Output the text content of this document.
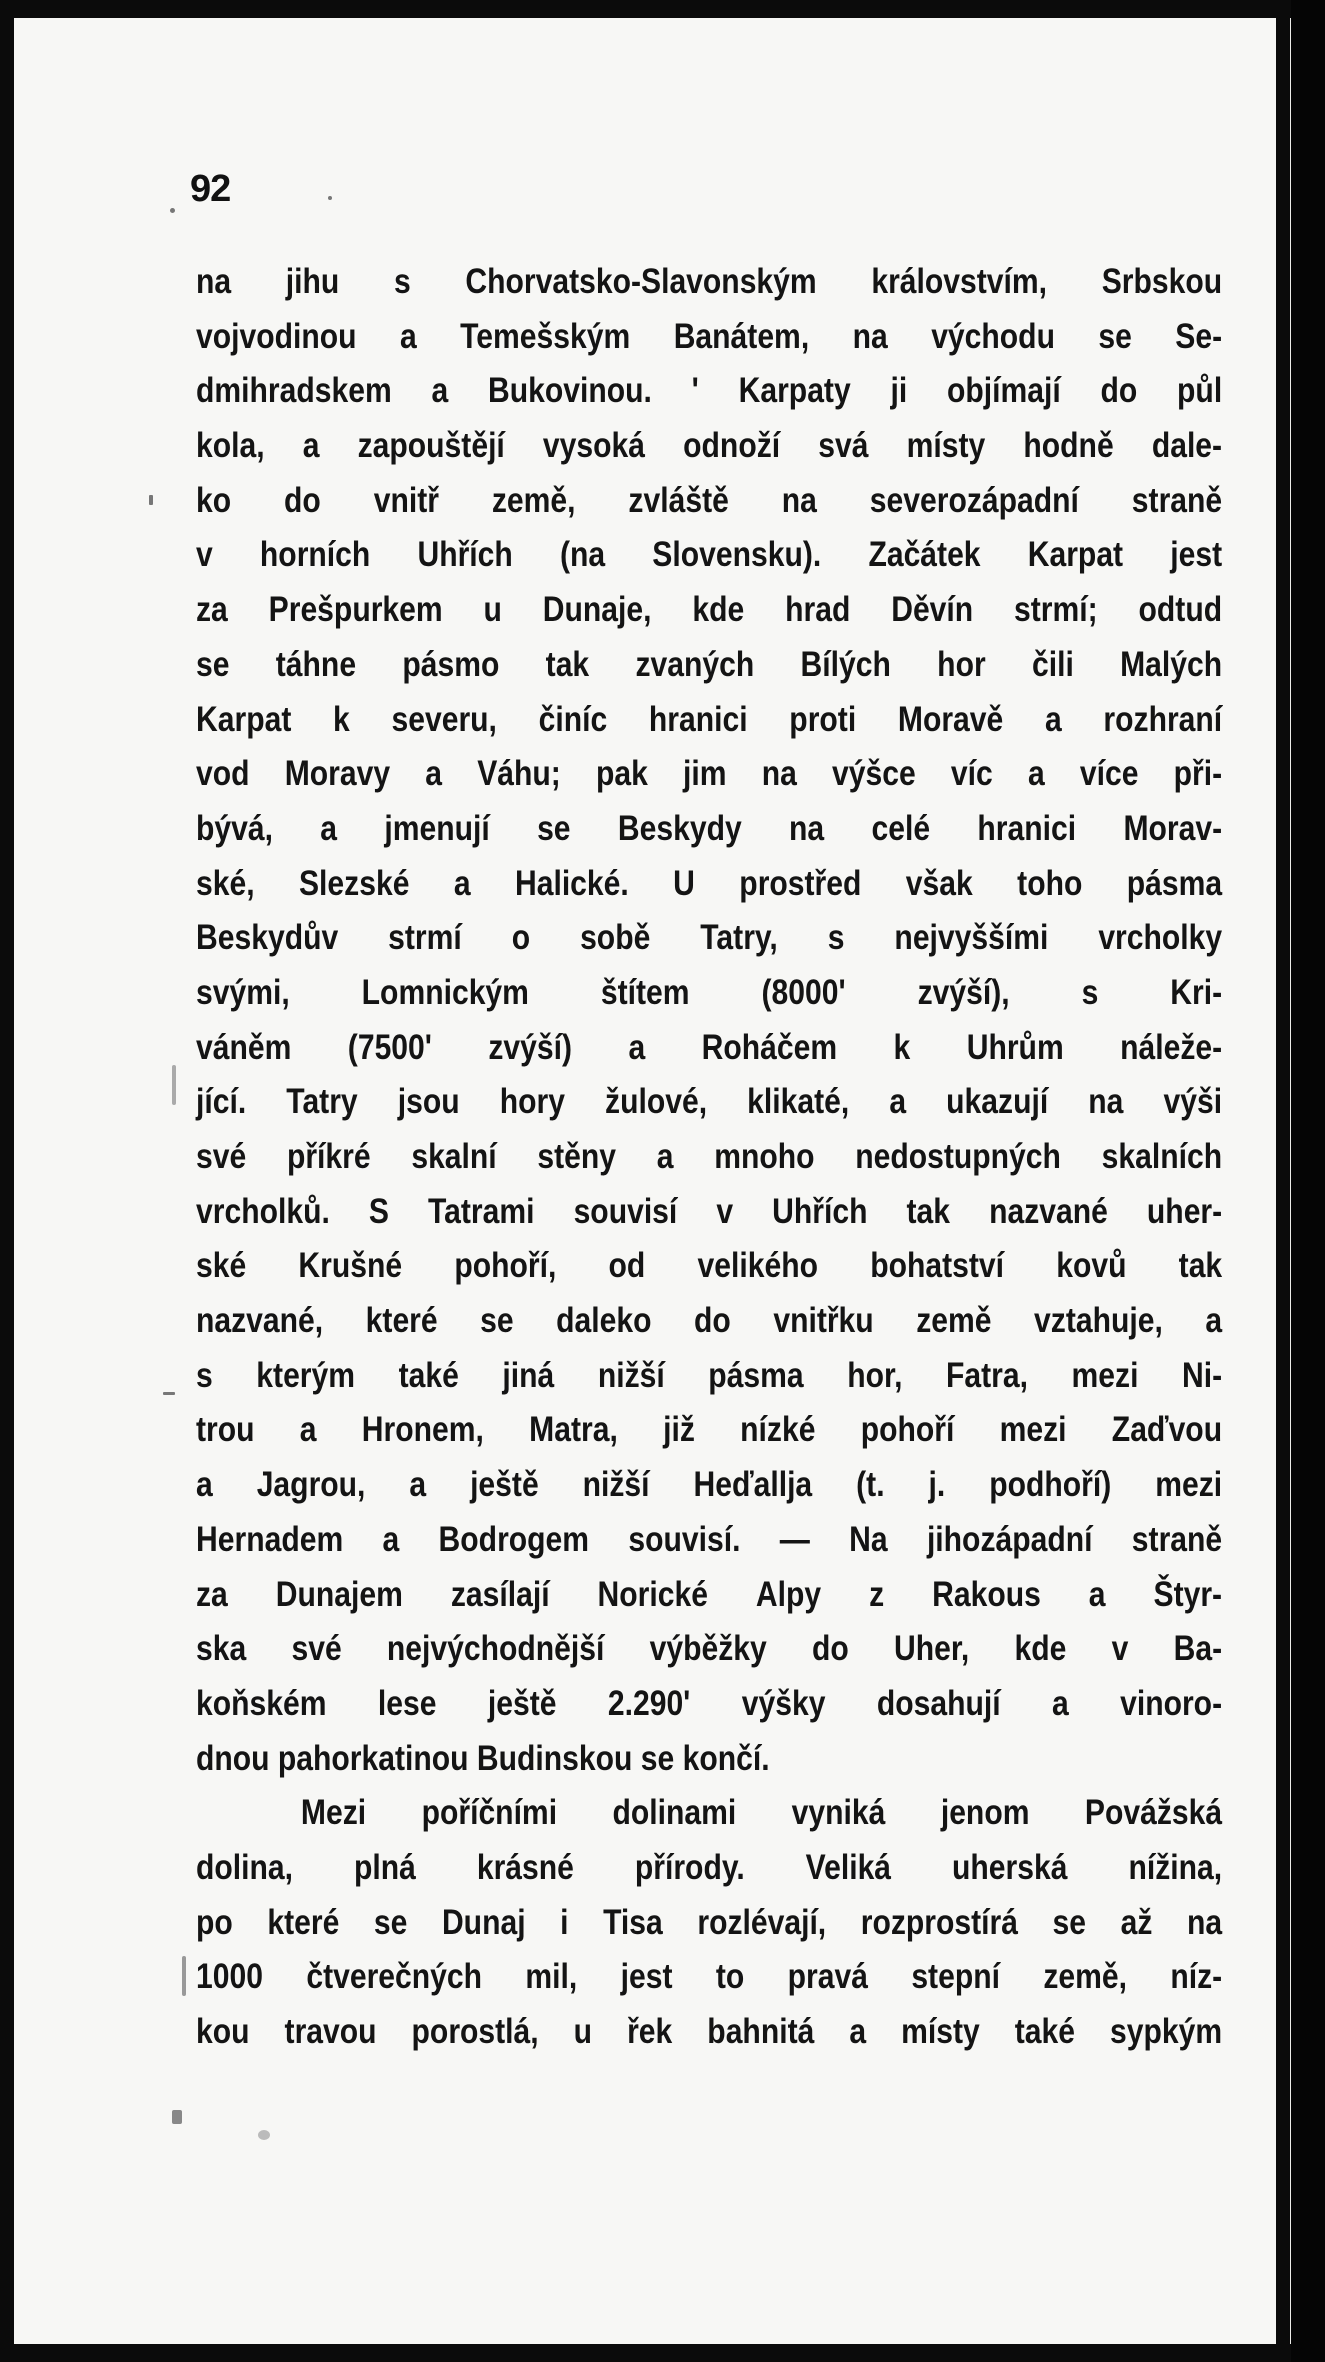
92
na jihu s Chorvatsko-Slavonským královstvím, Srbskou
vojvodinou a Temešským Banátem, na východu se Se-
dmihradskem a Bukovinou. ' Karpaty ji objímají do půl
kola, a zapouštějí vysoká odnoží svá místy hodně dale-
ko do vnitř země, zvláště na severozápadní straně
v horních Uhřích (na Slovensku). Začátek Karpat jest
za Prešpurkem u Dunaje, kde hrad Děvín strmí; odtud
se táhne pásmo tak zvaných Bílých hor čili Malých
Karpat k severu, činíc hranici proti Moravě a rozhraní
vod Moravy a Váhu; pak jim na výšce víc a více při-
bývá, a jmenují se Beskydy na celé hranici Morav-
ské, Slezské a Halické. U prostřed však toho pásma
Beskydův strmí o sobě Tatry, s nejvyššími vrcholky
svými, Lomnickým štítem (8000' zvýší), s Kri-
váněm (7500' zvýší) a Roháčem k Uhrům náleže-
jící. Tatry jsou hory žulové, klikaté, a ukazují na výši
své příkré skalní stěny a mnoho nedostupných skalních
vrcholků. S Tatrami souvisí v Uhřích tak nazvané uher-
ské Krušné pohoří, od velikého bohatství kovů tak
nazvané, které se daleko do vnitřku země vztahuje, a
s kterým také jiná nižší pásma hor, Fatra, mezi Ni-
trou a Hronem, Matra, již nízké pohoří mezi Zaďvou
a Jagrou, a ještě nižší Heďallja (t. j. podhoří) mezi
Hernadem a Bodrogem souvisí. — Na jihozápadní straně
za Dunajem zasílají Norické Alpy z Rakous a Štyr-
ska své nejvýchodnější výběžky do Uher, kde v Ba-
koňském lese ještě 2.290' výšky dosahují a vinoro-
dnou pahorkatinou Budinskou se končí.
Mezi poříčními dolinami vyniká jenom Povážská
dolina, plná krásné přírody. Veliká uherská nížina,
po které se Dunaj i Tisa rozlévají, rozprostírá se až na
1000 čtverečných mil, jest to pravá stepní země, níz-
kou travou porostlá, u řek bahnitá a místy také sypkým
